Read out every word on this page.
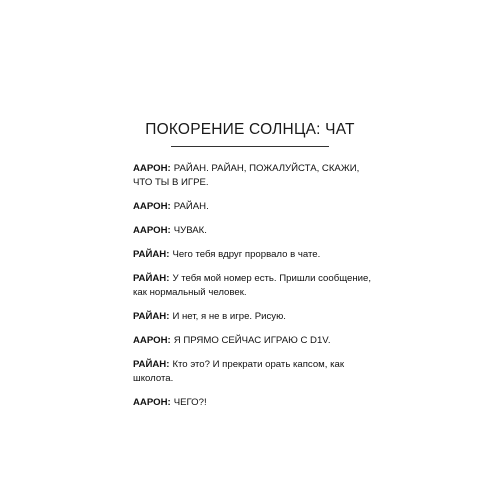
ПОКОРЕНИЕ СОЛНЦА: ЧАТ

ААРОН: РАЙАН. РАЙАН, ПОЖАЛУЙСТА, СКАЖИ, ЧТО ТЫ В ИГРЕ.

ААРОН: РАЙАН.

ААРОН: ЧУВАК.

РАЙАН: Чего тебя вдруг прорвало в чате.

РАЙАН: У тебя мой номер есть. Пришли сообщение, как нормальный человек.

РАЙАН: И нет, я не в игре. Рисую.

ААРОН: Я ПРЯМО СЕЙЧАС ИГРАЮ С D1V.

РАЙАН: Кто это? И прекрати орать капсом, как школота.

ААРОН: ЧЕГО?!
